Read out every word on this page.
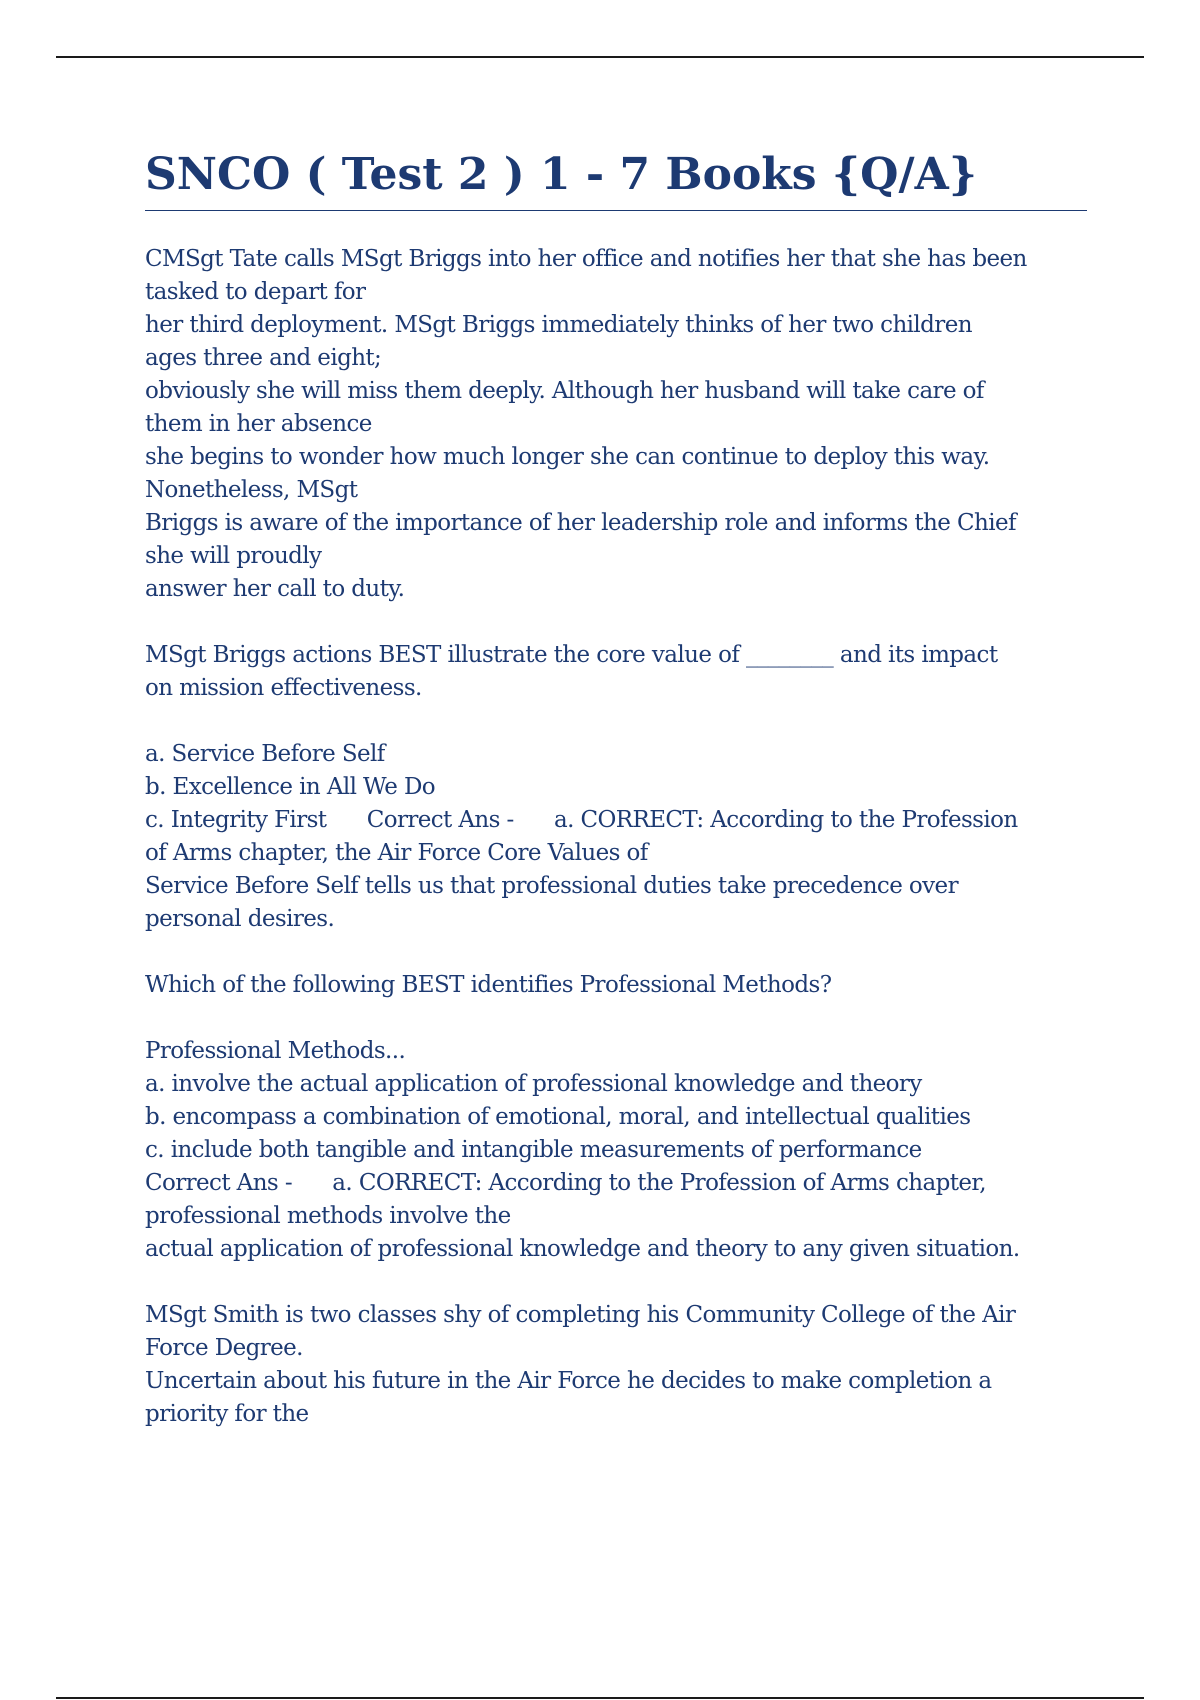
SNCO ( Test 2 ) 1 - 7 Books {Q/A}
CMSgt Tate calls MSgt Briggs into her office and notifies her that she has been
tasked to depart for
her third deployment. MSgt Briggs immediately thinks of her two children
ages three and eight;
obviously she will miss them deeply. Although her husband will take care of
them in her absence
she begins to wonder how much longer she can continue to deploy this way.
Nonetheless, MSgt
Briggs is aware of the importance of her leadership role and informs the Chief
she will proudly
answer her call to duty.
MSgt Briggs actions BEST illustrate the core value of ________ and its impact
on mission effectiveness.
a. Service Before Self
b. Excellence in All We Do
c. Integrity First Correct Ans - a. CORRECT: According to the Profession
of Arms chapter, the Air Force Core Values of
Service Before Self tells us that professional duties take precedence over
personal desires.
Which of the following BEST identifies Professional Methods?
Professional Methods...
a. involve the actual application of professional knowledge and theory
b. encompass a combination of emotional, moral, and intellectual qualities
c. include both tangible and intangible measurements of performance
Correct Ans - a. CORRECT: According to the Profession of Arms chapter,
professional methods involve the
actual application of professional knowledge and theory to any given situation.
MSgt Smith is two classes shy of completing his Community College of the Air
Force Degree.
Uncertain about his future in the Air Force he decides to make completion a
priority for the
